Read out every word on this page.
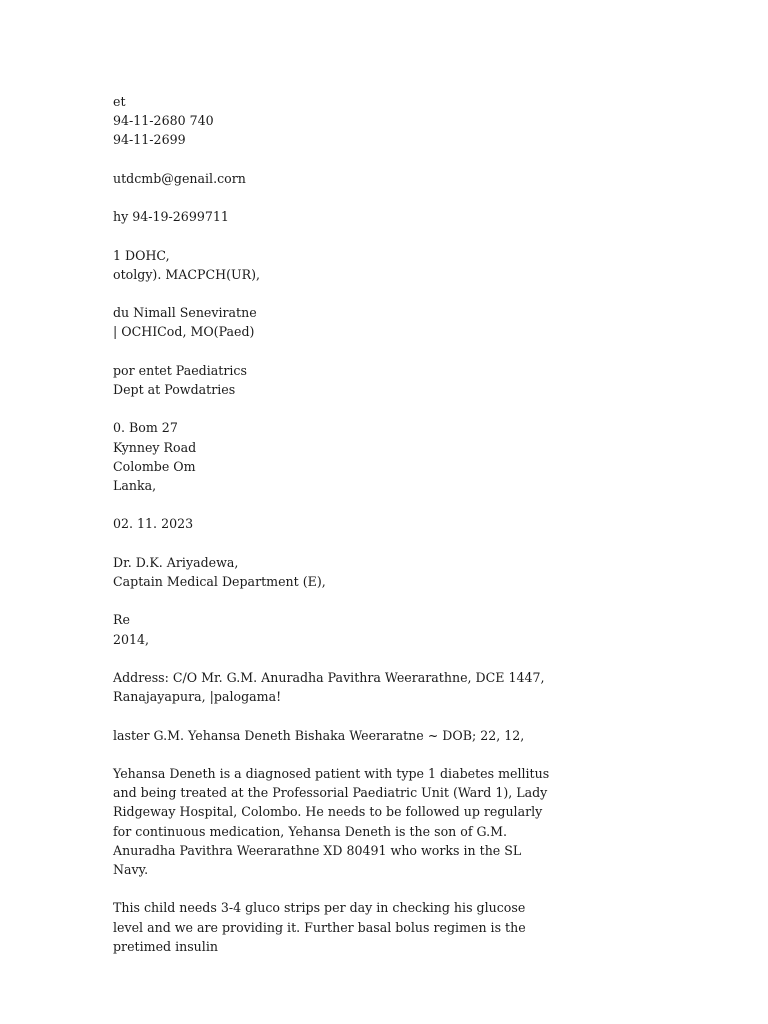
et
94-11-2680 740
94-11-2699
utdcmb@genail.corn
hy 94-19-2699711
1 DOHC,
otolgy). MACPCH(UR),
du Nimall Seneviratne
| OCHICod, MO(Paed)
por entet Paediatrics
Dept at Powdatries
0. Bom 27
Kynney Road
Colombe Om
Lanka,
02. 11. 2023
Dr. D.K. Ariyadewa,
Captain Medical Department (E),
Re
2014,

Address: C/O Mr. G.M. Anuradha Pavithra Weerarathne, DCE 1447, Ranajayapura, |palogama!

laster G.M. Yehansa Deneth Bishaka Weeraratne ~ DOB; 22, 12,

Yehansa Deneth is a diagnosed patient with type 1 diabetes mellitus and being treated at the Professorial Paediatric Unit (Ward 1), Lady Ridgeway Hospital, Colombo. He needs to be followed up regularly for continuous medication, Yehansa Deneth is the son of G.M. Anuradha Pavithra Weerarathne XD 80491 who works in the SL Navy.

This child needs 3-4 gluco strips per day in checking his glucose level and we are providing it. Further basal bolus regimen is the pretimed insulin
